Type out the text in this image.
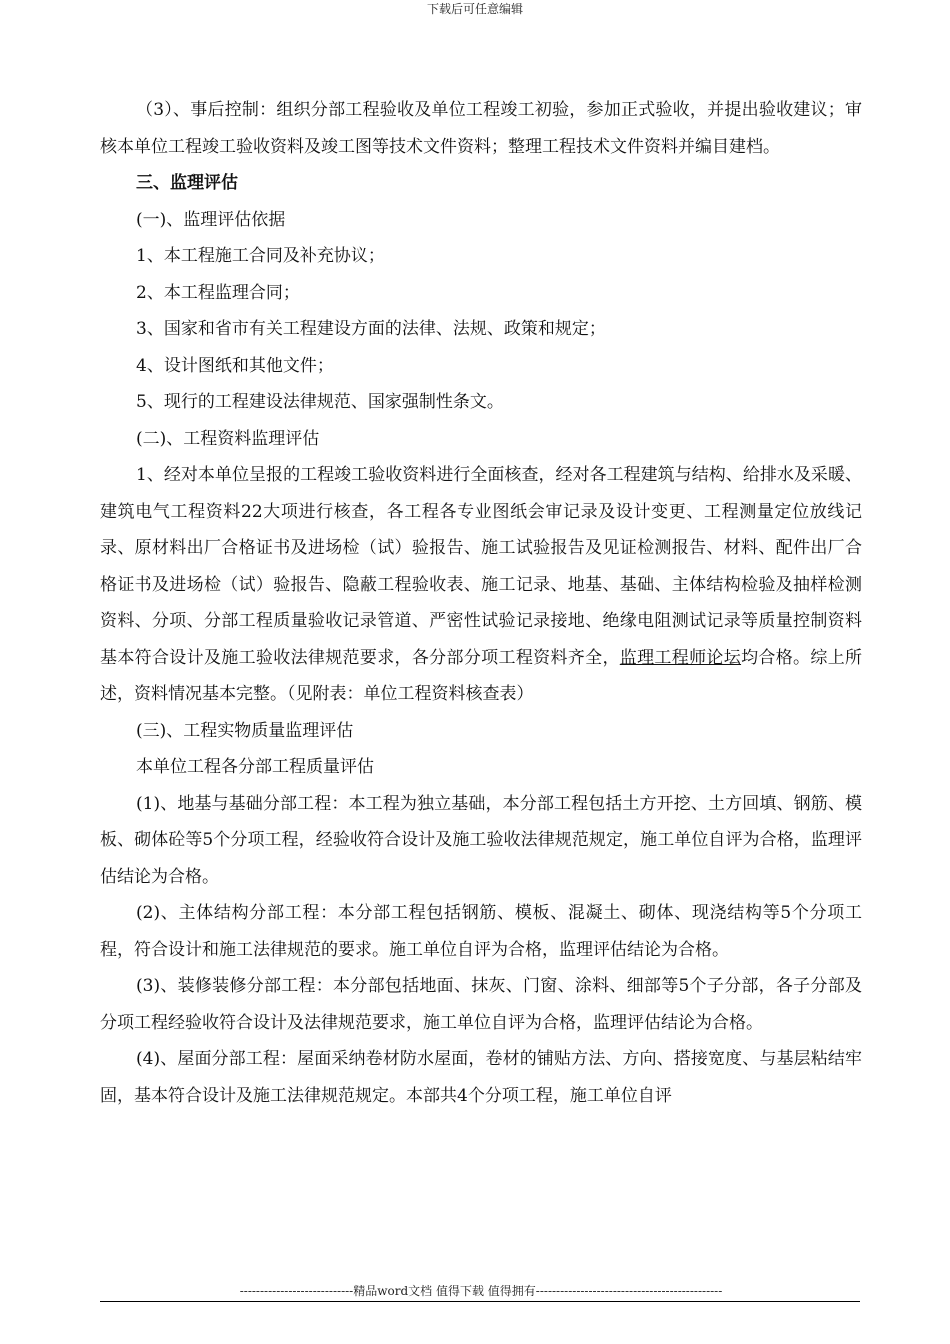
下载后可任意编辑

（3）、事后控制：组织分部工程验收及单位工程竣工初验，参加正式验收，并提出验收建议；审核本单位工程竣工验收资料及竣工图等技术文件资料；整理工程技术文件资料并编目建档。

三、监理评估

(一)、监理评估依据

1、本工程施工合同及补充协议；

2、本工程监理合同；

3、国家和省市有关工程建设方面的法律、法规、政策和规定；

4、设计图纸和其他文件；

5、现行的工程建设法律规范、国家强制性条文。

(二)、工程资料监理评估

1、经对本单位呈报的工程竣工验收资料进行全面核查，经对各工程建筑与结构、给排水及采暖、建筑电气工程资料22大项进行核查，各工程各专业图纸会审记录及设计变更、工程测量定位放线记录、原材料出厂合格证书及进场检（试）验报告、施工试验报告及见证检测报告、材料、配件出厂合格证书及进场检（试）验报告、隐蔽工程验收表、施工记录、地基、基础、主体结构检验及抽样检测资料、分项、分部工程质量验收记录管道、严密性试验记录接地、绝缘电阻测试记录等质量控制资料基本符合设计及施工验收法律规范要求，各分部分项工程资料齐全，监理工程师论坛均合格。综上所述，资料情况基本完整。（见附表：单位工程资料核查表）

(三)、工程实物质量监理评估

本单位工程各分部工程质量评估

(1)、地基与基础分部工程：本工程为独立基础，本分部工程包括土方开挖、土方回填、钢筋、模板、砌体砼等5个分项工程，经验收符合设计及施工验收法律规范规定，施工单位自评为合格，监理评估结论为合格。

(2)、主体结构分部工程：本分部工程包括钢筋、模板、混凝土、砌体、现浇结构等5个分项工程，符合设计和施工法律规范的要求。施工单位自评为合格，监理评估结论为合格。

(3)、装修装修分部工程：本分部包括地面、抹灰、门窗、涂料、细部等5个子分部，各子分部及分项工程经验收符合设计及法律规范要求，施工单位自评为合格，监理评估结论为合格。

(4)、屋面分部工程：屋面采纳卷材防水屋面，卷材的铺贴方法、方向、搭接宽度、与基层粘结牢固，基本符合设计及施工法律规范规定。本部共4个分项工程，施工单位自评

----------------------------精品word文档 值得下载 值得拥有----------------------------------------------
